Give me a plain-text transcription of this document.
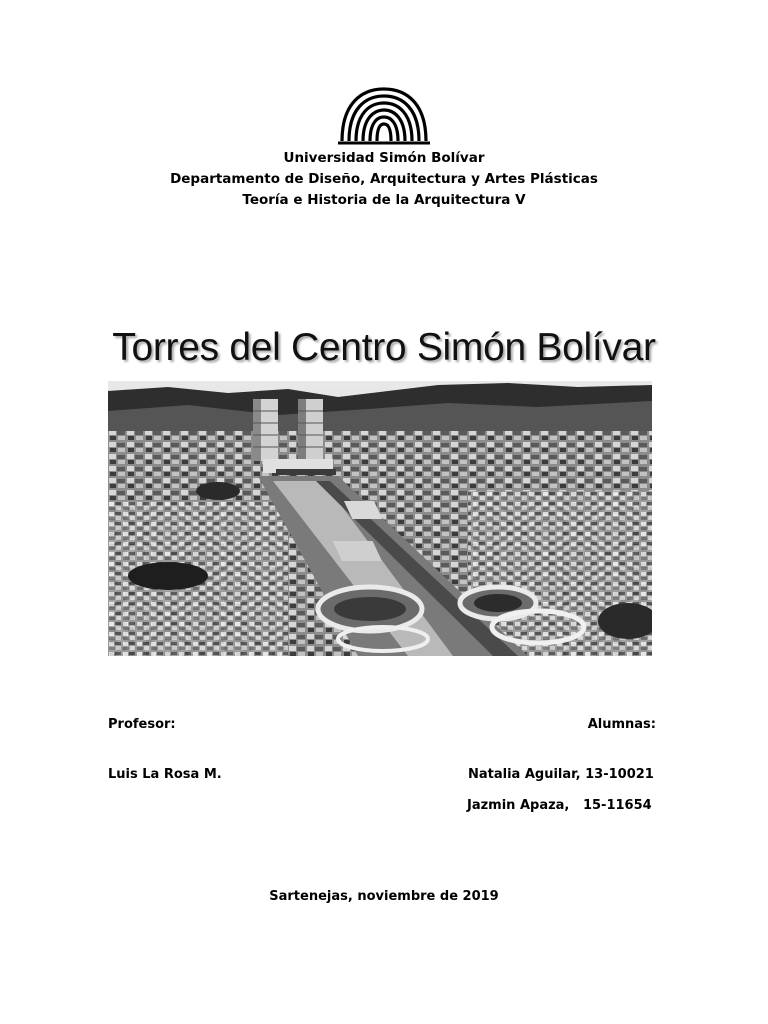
Universidad Simón Bolívar
Departamento de Diseño, Arquitectura y Artes Plásticas
Teoría e Historia de la Arquitectura V
Torres del Centro Simón Bolívar
Profesor:
Luis La Rosa M.
Alumnas:
Natalia Aguilar, 13-10021
Jazmin Apaza,   15-11654
Sartenejas, noviembre de 2019
